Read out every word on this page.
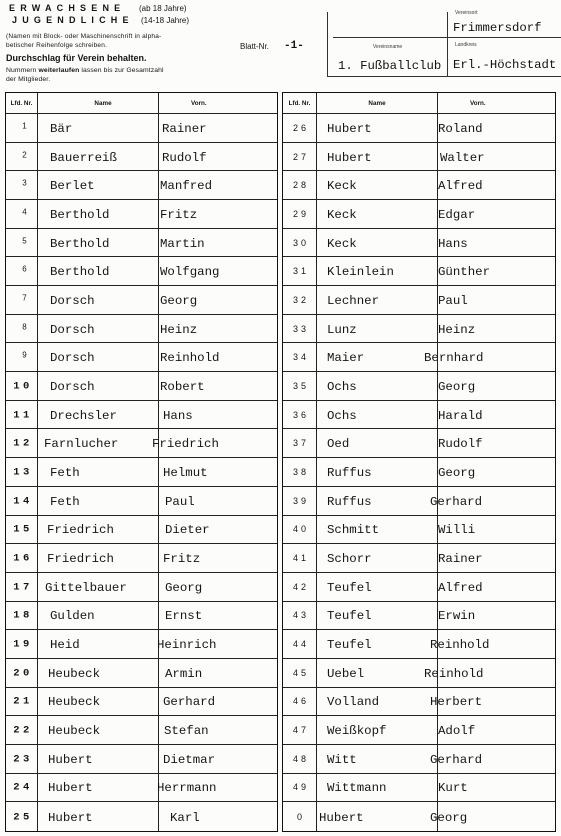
ERWACHSENE (ab 18 Jahre)
JUGENDLICHE (14-18 Jahre)
(Namen mit Block- oder Maschinenschrift in alpha-
betischer Reihenfolge schreiben.
Durchschlag für Verein behalten.
Nummern weiterlaufen lassen bis zur Gesamtzahl
der Mitglieder.
Blatt-Nr. -1-	Vereinsname
1. Fußballclub
Vereinsort
Frimmersdorf
Landkreis
Erl.-Höchstadt
Lfd. Nr.	Name	Vorn.
1	Bär	Rainer
2	Bauerreiß	Rudolf
3	Berlet	Manfred
4	Berthold	Fritz
5	Berthold	Martin
6	Berthold	Wolfgang
7	Dorsch	Georg
8	Dorsch	Heinz
9	Dorsch	Reinhold
10	Dorsch	Robert
11	Drechsler	Hans
12 Farnlucher	Friedrich
13	Feth	Helmut
14	Feth	Paul
15	Friedrich	Dieter
16	Friedrich	Fritz
17 Gittelbauer	Georg
18	Gulden	Ernst
19	Heid	Heinrich
20	Heubeck	Armin
21	Heubeck	Gerhard
22	Heubeck	Stefan
23	Hubert	Dietmar
24	Hubert	Herrmann
25	Hubert	Karl
Lfd. Nr.	Name	Vorn.
26	Hubert	Roland
27	Hubert	Walter
28	Keck	Alfred
29	Keck	Edgar
30	Keck	Hans
31	Kleinlein	Günther
32	Lechner	Paul
33	Lunz	Heinz
34	Maier	Bernhard
35	Ochs	Georg
36	Ochs	Harald
37	Oed	Rudolf
38	Ruffus	Georg
39	Ruffus	Gerhard
40	Schmitt	Willi
41	Schorr	Rainer
42	Teufel	Alfred
43	Teufel	Erwin
44	Teufel	Reinhold
45	Uebel	Reinhold
46	Volland	Herbert
47	Weißkopf	Adolf
48	Witt	Gerhard
49	Wittmann	Kurt
0	Hubert	Georg
